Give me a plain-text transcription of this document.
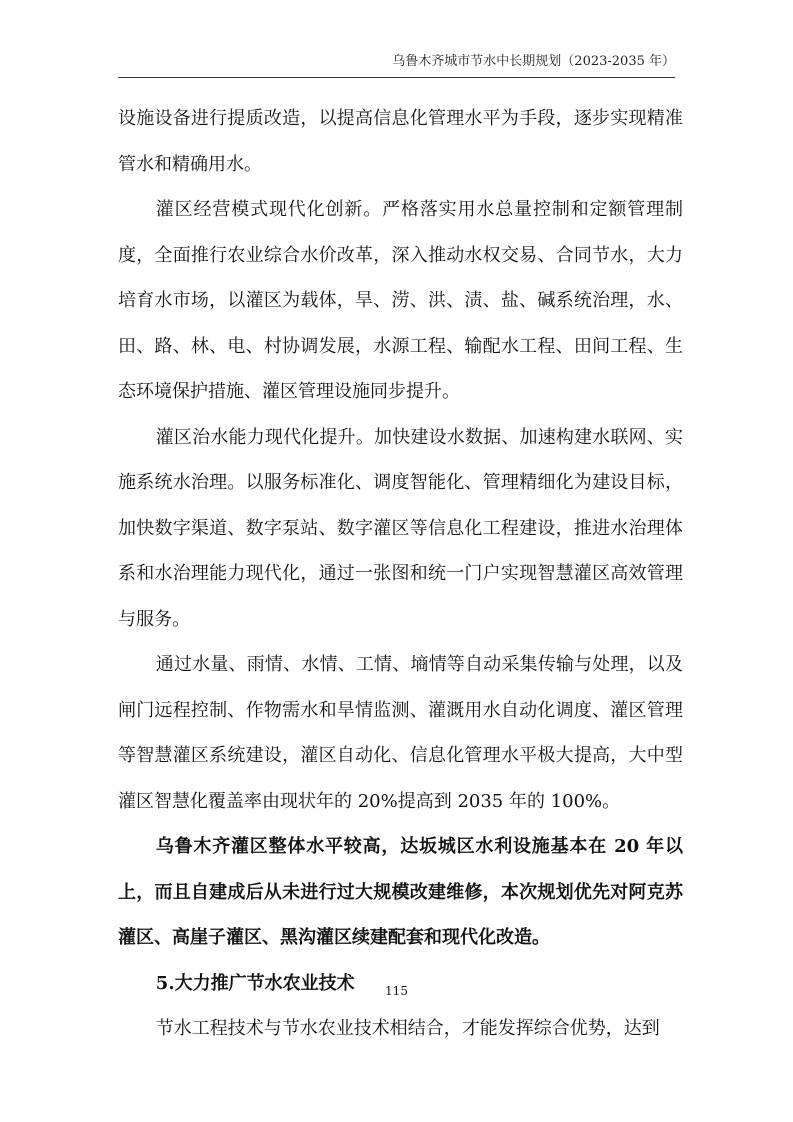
乌鲁木齐城市节水中长期规划（2023-2035 年）

设施设备进行提质改造，以提高信息化管理水平为手段，逐步实现精准管水和精确用水。

灌区经营模式现代化创新。严格落实用水总量控制和定额管理制度，全面推行农业综合水价改革，深入推动水权交易、合同节水，大力培育水市场，以灌区为载体，旱、涝、洪、渍、盐、碱系统治理，水、田、路、林、电、村协调发展，水源工程、输配水工程、田间工程、生态环境保护措施、灌区管理设施同步提升。

灌区治水能力现代化提升。加快建设水数据、加速构建水联网、实施系统水治理。以服务标准化、调度智能化、管理精细化为建设目标，加快数字渠道、数字泵站、数字灌区等信息化工程建设，推进水治理体系和水治理能力现代化，通过一张图和统一门户实现智慧灌区高效管理与服务。

通过水量、雨情、水情、工情、墒情等自动采集传输与处理，以及闸门远程控制、作物需水和旱情监测、灌溉用水自动化调度、灌区管理等智慧灌区系统建设，灌区自动化、信息化管理水平极大提高，大中型灌区智慧化覆盖率由现状年的 20%提高到 2035 年的 100%。

乌鲁木齐灌区整体水平较高，达坂城区水利设施基本在 20 年以上，而且自建成后从未进行过大规模改建维修，本次规划优先对阿克苏灌区、高崖子灌区、黑沟灌区续建配套和现代化改造。

5.大力推广节水农业技术

节水工程技术与节水农业技术相结合，才能发挥综合优势，达到

115
